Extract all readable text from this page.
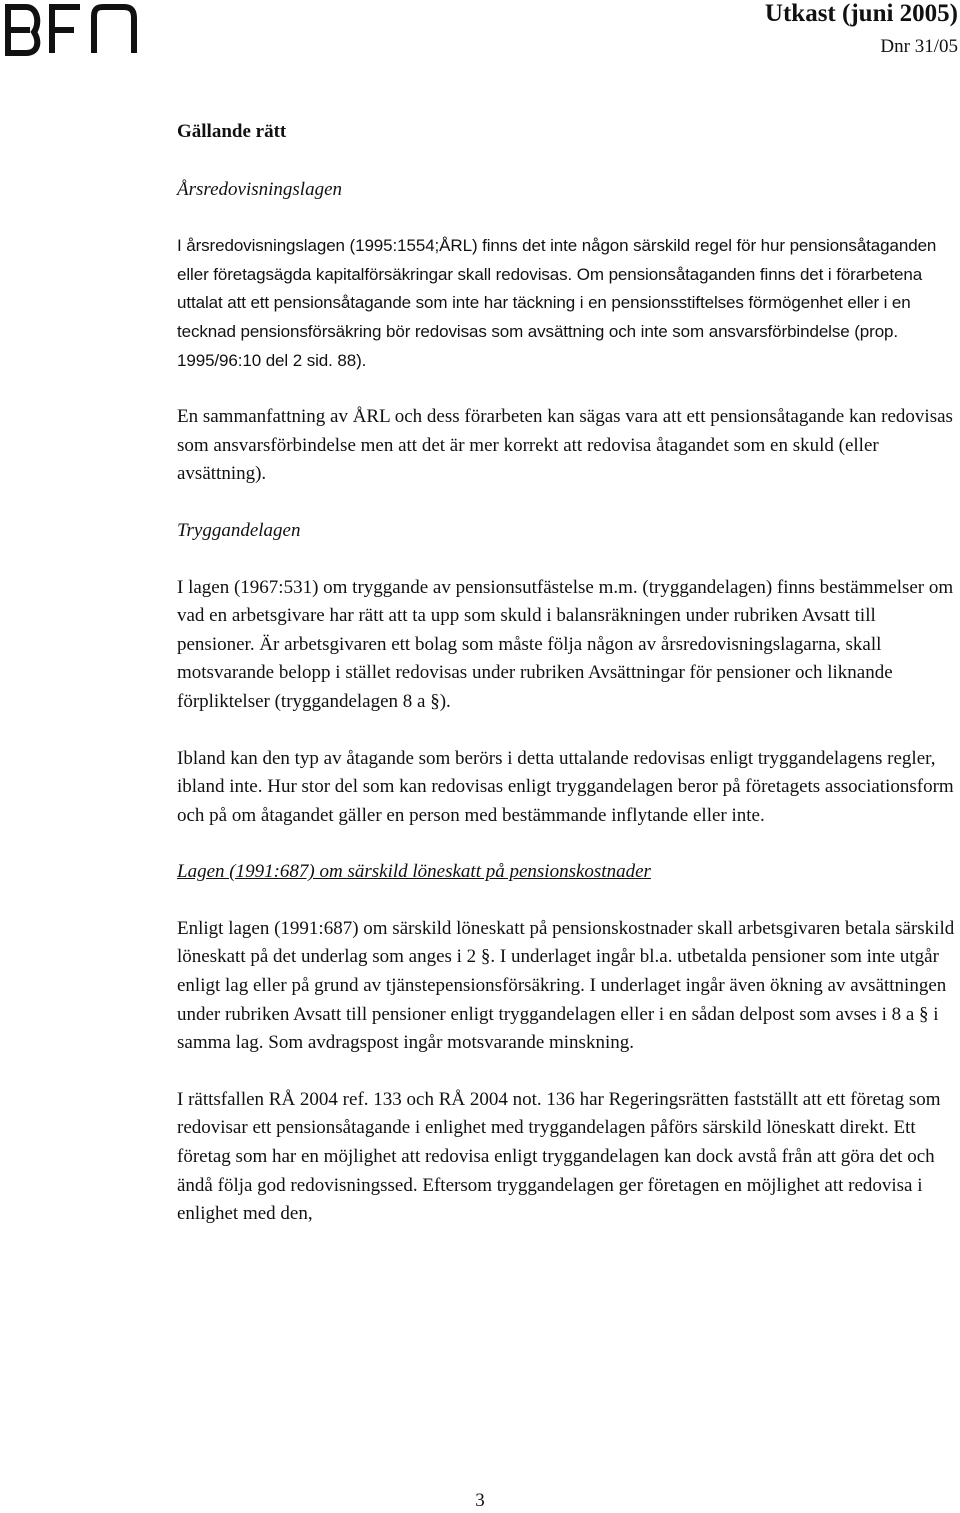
Utkast (juni 2005)
Dnr 31/05

Gällande rätt

Årsredovisningslagen

I årsredovisningslagen (1995:1554;ÅRL) finns det inte någon särskild regel för hur pensionsåtaganden eller företagsägda kapitalförsäkringar skall redovisas. Om pensionsåtaganden finns det i förarbetena uttalat att ett pensionsåtagande som inte har täckning i en pensionsstiftelses förmögenhet eller i en tecknad pensionsförsäkring bör redovisas som avsättning och inte som ansvarsförbindelse (prop. 1995/96:10 del 2 sid. 88).

En sammanfattning av ÅRL och dess förarbeten kan sägas vara att ett pensionsåtagande kan redovisas som ansvarsförbindelse men att det är mer korrekt att redovisa åtagandet som en skuld (eller avsättning).

Tryggandelagen

I lagen (1967:531) om tryggande av pensionsutfästelse m.m. (tryggandelagen) finns bestämmelser om vad en arbetsgivare har rätt att ta upp som skuld i balansräkningen under rubriken Avsatt till pensioner. Är arbetsgivaren ett bolag som måste följa någon av årsredovisningslagarna, skall motsvarande belopp i stället redovisas under rubriken Avsättningar för pensioner och liknande förpliktelser (tryggandelagen 8 a §).

Ibland kan den typ av åtagande som berörs i detta uttalande redovisas enligt tryggandelagens regler, ibland inte. Hur stor del som kan redovisas enligt tryggandelagen beror på företagets associationsform och på om åtagandet gäller en person med bestämmande inflytande eller inte.

Lagen (1991:687) om särskild löneskatt på pensionskostnader

Enligt lagen (1991:687) om särskild löneskatt på pensionskostnader skall arbetsgivaren betala särskild löneskatt på det underlag som anges i 2 §. I underlaget ingår bl.a. utbetalda pensioner som inte utgår enligt lag eller på grund av tjänstepensionsförsäkring. I underlaget ingår även ökning av avsättningen under rubriken Avsatt till pensioner enligt tryggandelagen eller i en sådan delpost som avses i 8 a § i samma lag. Som avdragspost ingår motsvarande minskning.

I rättsfallen RÅ 2004 ref. 133 och RÅ 2004 not. 136 har Regeringsrätten fastställt att ett företag som redovisar ett pensionsåtagande i enlighet med tryggandelagen påförs särskild löneskatt direkt. Ett företag som har en möjlighet att redovisa enligt tryggandelagen kan dock avstå från att göra det och ändå följa god redovisningssed. Eftersom tryggandelagen ger företagen en möjlighet att redovisa i enlighet med den,

3
